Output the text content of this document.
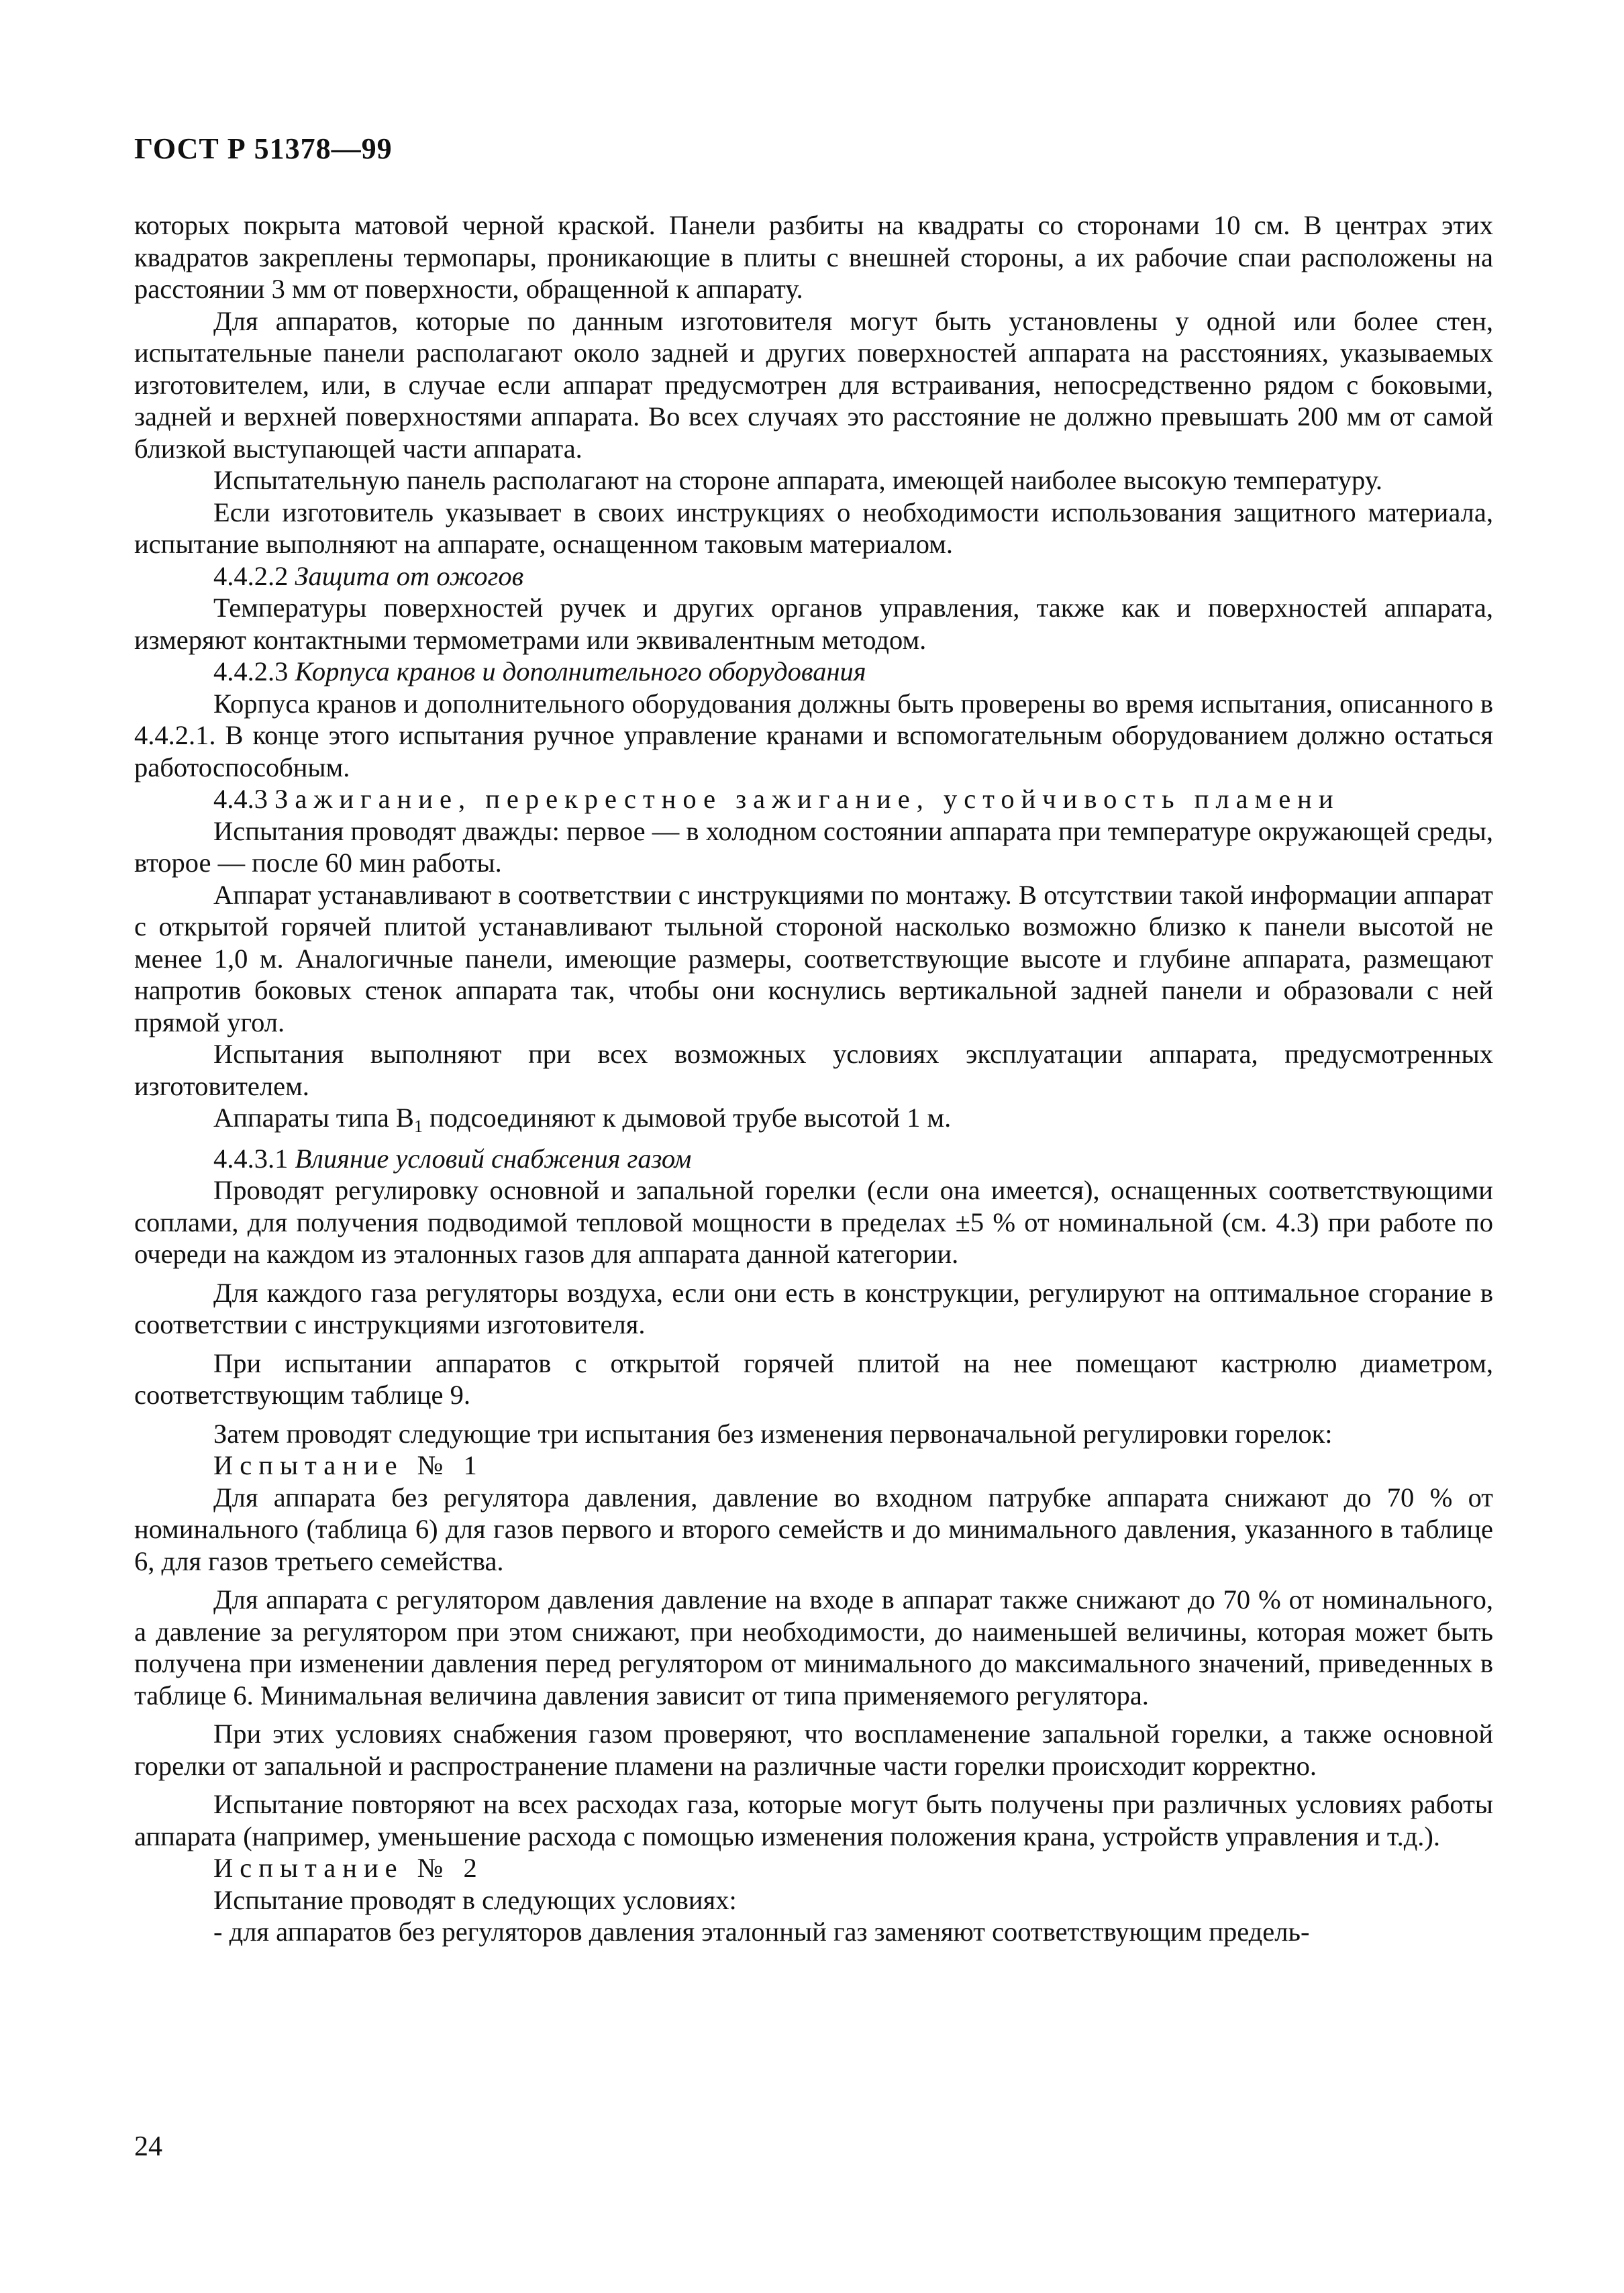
ГОСТ Р 51378—99

которых покрыта матовой черной краской. Панели разбиты на квадраты со сторонами 10 см. В центрах этих квадратов закреплены термопары, проникающие в плиты с внешней стороны, а их рабочие спаи расположены на расстоянии 3 мм от поверхности, обращенной к аппарату.

Для аппаратов, которые по данным изготовителя могут быть установлены у одной или более стен, испытательные панели располагают около задней и других поверхностей аппарата на расстояниях, указываемых изготовителем, или, в случае если аппарат предусмотрен для встраивания, непосредственно рядом с боковыми, задней и верхней поверхностями аппарата. Во всех случаях это расстояние не должно превышать 200 мм от самой близкой выступающей части аппарата.

Испытательную панель располагают на стороне аппарата, имеющей наиболее высокую температуру.

Если изготовитель указывает в своих инструкциях о необходимости использования защитного материала, испытание выполняют на аппарате, оснащенном таковым материалом.

4.4.2.2 Защита от ожогов

Температуры поверхностей ручек и других органов управления, также как и поверхностей аппарата, измеряют контактными термометрами или эквивалентным методом.

4.4.2.3 Корпуса кранов и дополнительного оборудования

Корпуса кранов и дополнительного оборудования должны быть проверены во время испытания, описанного в 4.4.2.1. В конце этого испытания ручное управление кранами и вспомогательным оборудованием должно остаться работоспособным.

4.4.3 Зажигание, перекрестное зажигание, устойчивость пламени

Испытания проводят дважды: первое — в холодном состоянии аппарата при температуре окружающей среды, второе — после 60 мин работы.

Аппарат устанавливают в соответствии с инструкциями по монтажу. В отсутствии такой информации аппарат с открытой горячей плитой устанавливают тыльной стороной насколько возможно близко к панели высотой не менее 1,0 м. Аналогичные панели, имеющие размеры, соответствующие высоте и глубине аппарата, размещают напротив боковых стенок аппарата так, чтобы они коснулись вертикальной задней панели и образовали с ней прямой угол.

Испытания выполняют при всех возможных условиях эксплуатации аппарата, предусмотренных изготовителем.

Аппараты типа $B_1$ подсоединяют к дымовой трубе высотой 1 м.

4.4.3.1 Влияние условий снабжения газом

Проводят регулировку основной и запальной горелки (если она имеется), оснащенных соответствующими соплами, для получения подводимой тепловой мощности в пределах ±5 % от номинальной (см. 4.3) при работе по очереди на каждом из эталонных газов для аппарата данной категории.

Для каждого газа регуляторы воздуха, если они есть в конструкции, регулируют на оптимальное сгорание в соответствии с инструкциями изготовителя.

При испытании аппаратов с открытой горячей плитой на нее помещают кастрюлю диаметром, соответствующим таблице 9.

Затем проводят следующие три испытания без изменения первоначальной регулировки горелок:

Испытание № 1

Для аппарата без регулятора давления, давление во входном патрубке аппарата снижают до 70 % от номинального (таблица 6) для газов первого и второго семейств и до минимального давления, указанного в таблице 6, для газов третьего семейства.

Для аппарата с регулятором давления давление на входе в аппарат также снижают до 70 % от номинального, а давление за регулятором при этом снижают, при необходимости, до наименьшей величины, которая может быть получена при изменении давления перед регулятором от минимального до максимального значений, приведенных в таблице 6. Минимальная величина давления зависит от типа применяемого регулятора.

При этих условиях снабжения газом проверяют, что воспламенение запальной горелки, а также основной горелки от запальной и распространение пламени на различные части горелки происходит корректно.

Испытание повторяют на всех расходах газа, которые могут быть получены при различных условиях работы аппарата (например, уменьшение расхода с помощью изменения положения крана, устройств управления и т.д.).

Испытание № 2

Испытание проводят в следующих условиях:

- для аппаратов без регуляторов давления эталонный газ заменяют соответствующим предель-

24
